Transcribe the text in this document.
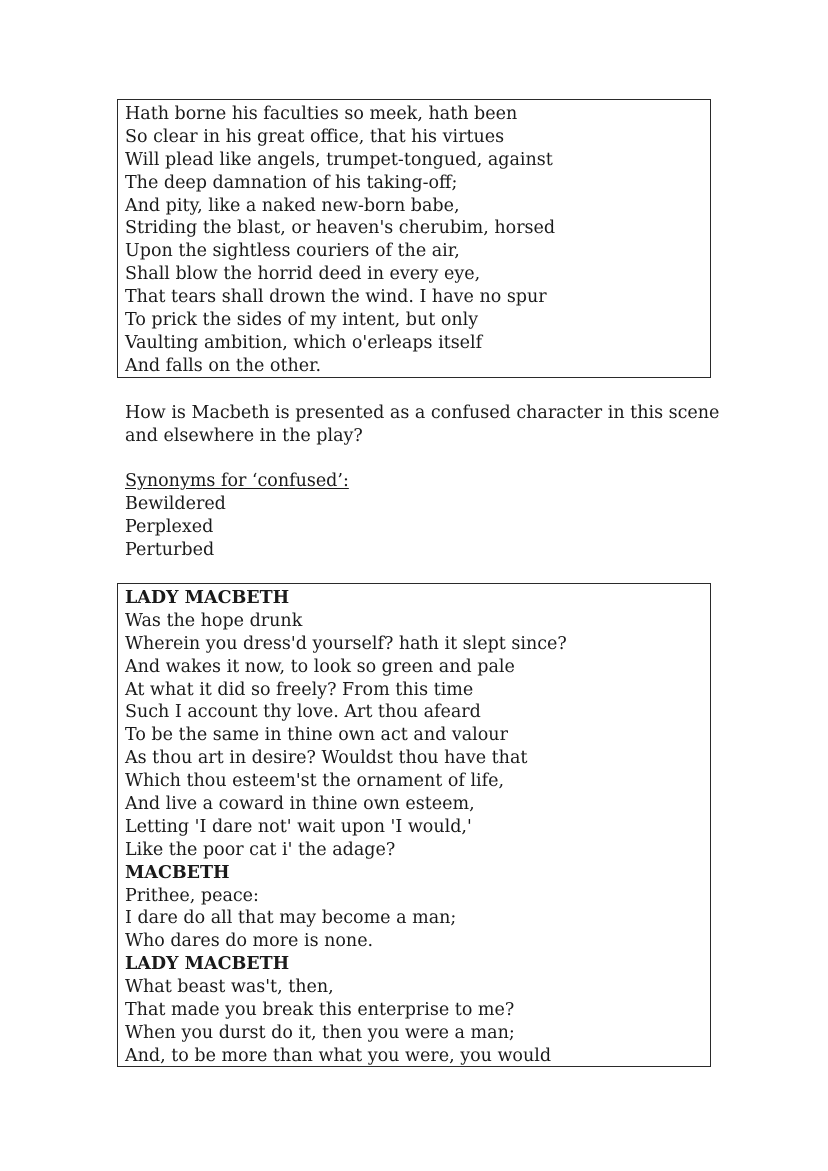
Hath borne his faculties so meek, hath been
So clear in his great office, that his virtues
Will plead like angels, trumpet-tongued, against
The deep damnation of his taking-off;
And pity, like a naked new-born babe,
Striding the blast, or heaven's cherubim, horsed
Upon the sightless couriers of the air,
Shall blow the horrid deed in every eye,
That tears shall drown the wind. I have no spur
To prick the sides of my intent, but only
Vaulting ambition, which o'erleaps itself
And falls on the other.
How is Macbeth is presented as a confused character in this scene
and elsewhere in the play?
Synonyms for ‘confused’:
Bewildered
Perplexed
Perturbed
LADY MACBETH
Was the hope drunk
Wherein you dress'd yourself? hath it slept since?
And wakes it now, to look so green and pale
At what it did so freely? From this time
Such I account thy love. Art thou afeard
To be the same in thine own act and valour
As thou art in desire? Wouldst thou have that
Which thou esteem'st the ornament of life,
And live a coward in thine own esteem,
Letting 'I dare not' wait upon 'I would,'
Like the poor cat i' the adage?
MACBETH
Prithee, peace:
I dare do all that may become a man;
Who dares do more is none.
LADY MACBETH
What beast was't, then,
That made you break this enterprise to me?
When you durst do it, then you were a man;
And, to be more than what you were, you would
